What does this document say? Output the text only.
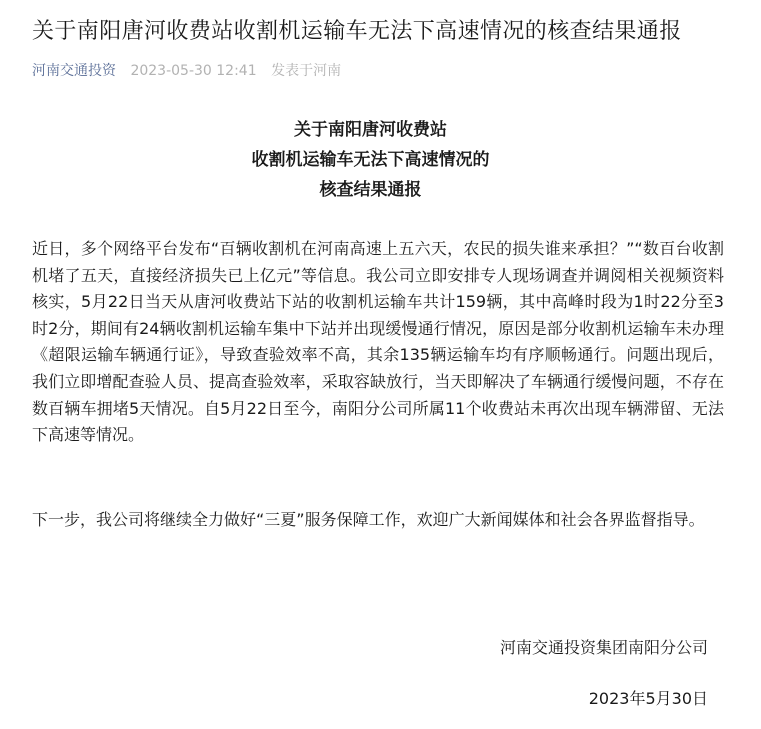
关于南阳唐河收费站收割机运输车无法下高速情况的核查结果通报
河南交通投资 2023-05-30 12:41 发表于河南
关于南阳唐河收费站
收割机运输车无法下高速情况的
核查结果通报

近日，多个网络平台发布“百辆收割机在河南高速上五六天，农民的损失谁来承担？”“数百台收割机堵了五天，直接经济损失已上亿元”等信息。我公司立即安排专人现场调查并调阅相关视频资料核实，5月22日当天从唐河收费站下站的收割机运输车共计159辆，其中高峰时段为1时22分至3时2分，期间有24辆收割机运输车集中下站并出现缓慢通行情况，原因是部分收割机运输车未办理《超限运输车辆通行证》，导致查验效率不高，其余135辆运输车均有序顺畅通行。问题出现后，我们立即增配查验人员、提高查验效率，采取容缺放行，当天即解决了车辆通行缓慢问题，不存在数百辆车拥堵5天情况。自5月22日至今，南阳分公司所属11个收费站未再次出现车辆滞留、无法下高速等情况。

下一步，我公司将继续全力做好“三夏”服务保障工作，欢迎广大新闻媒体和社会各界监督指导。

河南交通投资集团南阳分公司
2023年5月30日
